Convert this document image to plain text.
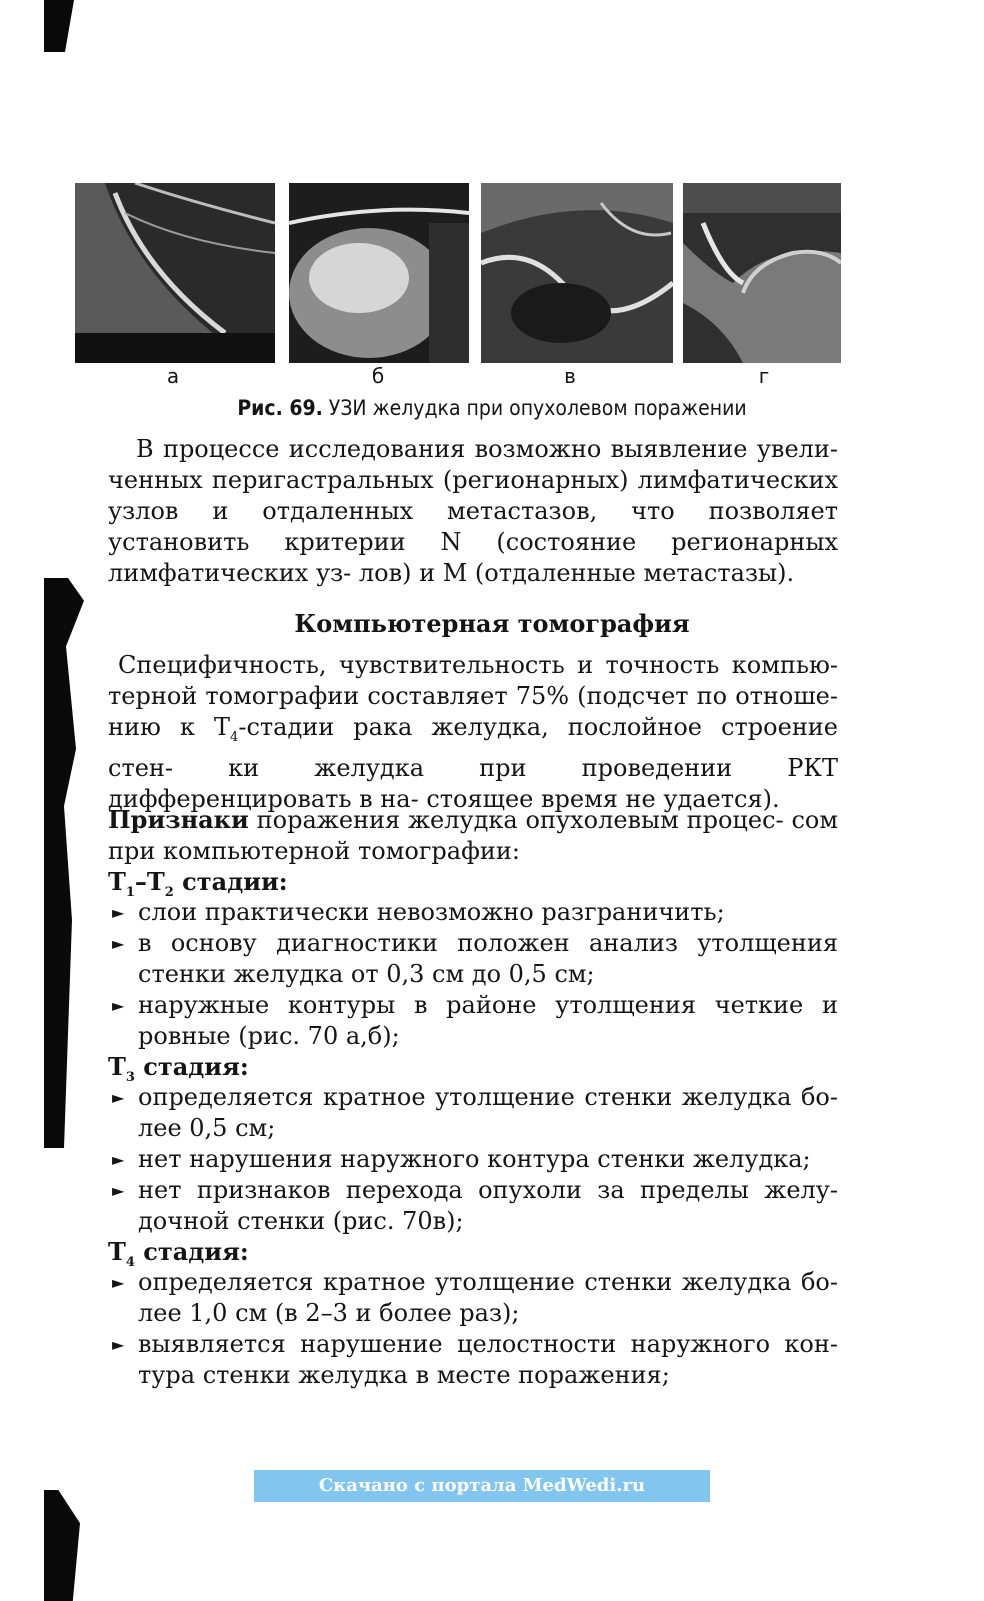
а	б	в	г
Рис. 69. УЗИ желудка при опухолевом поражении
В процессе исследования возможно выявление увели- ченных перигастральных (регионарных) лимфатических узлов и отдаленных метастазов, что позволяет установить критерии N (состояние регионарных лимфатических уз- лов) и M (отдаленные метастазы).
Компьютерная томография
Специфичность, чувствительность и точность компью- терной томографии составляет 75% (подсчет по отноше- нию к $T_4$-стадии рака желудка, послойное строение стен- ки желудка при проведении РКТ дифференцировать в на- стоящее время не удается).
Признаки поражения желудка опухолевым процес- сом при компьютерной томографии:
$T_1-T_2$ стадии:
► слои практически невозможно разграничить;
► в основу диагностики положен анализ утолщения стенки желудка от 0,3 см до 0,5 см;
► наружные контуры в районе утолщения четкие и ровные (рис. 70 а,б);
$T_3$ стадия:
► определяется кратное утолщение стенки желудка бо- лее 0,5 см;
► нет нарушения наружного контура стенки желудка;
► нет признаков перехода опухоли за пределы желу- дочной стенки (рис. 70в);
$T_4$ стадия:
► определяется кратное утолщение стенки желудка бо- лее 1,0 см (в 2–3 и более раз);
► выявляется нарушение целостности наружного кон- тура стенки желудка в месте поражения;
Скачано с портала MedWedi.ru
